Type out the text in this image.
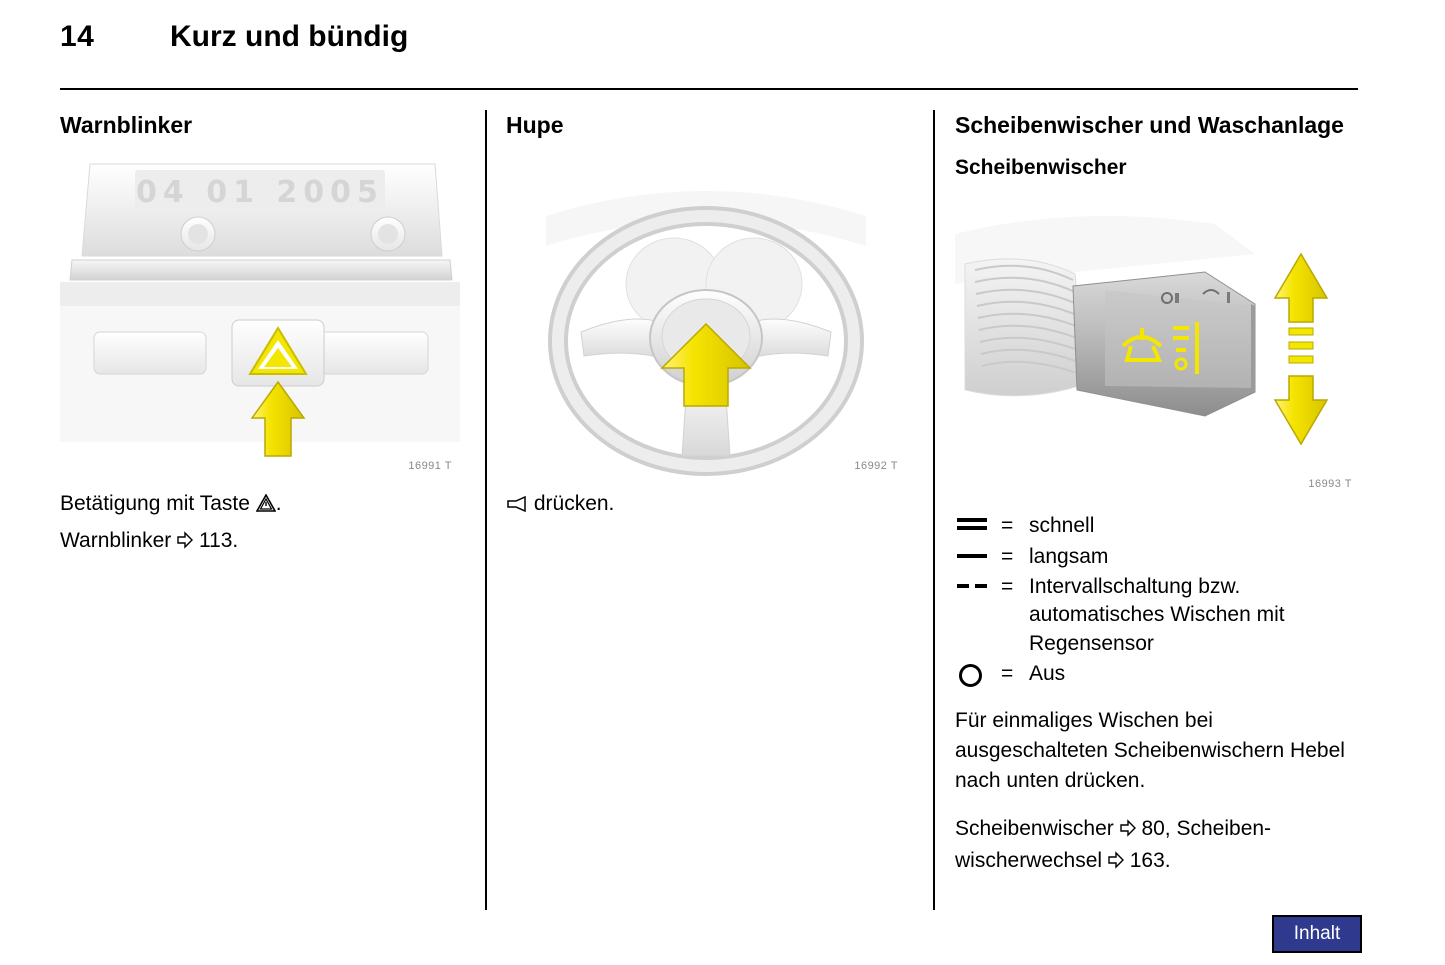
14	Kurz und bündig
Warnblinker
04 01 2005
16991 T

Betätigung mit Taste .

Warnblinker 113.

Hupe
16992 T

drücken.

Scheibenwischer und Waschanlage
Scheibenwischer
16993 T
= schnell
= langsam
= Intervallschaltung bzw. automatisches Wischen mit Regensensor
= Aus

Für einmaliges Wischen bei ausgeschalteten Scheibenwischern Hebel nach unten drücken.

Scheibenwischer 80, Scheiben- wischerwechsel 163.

Inhalt
